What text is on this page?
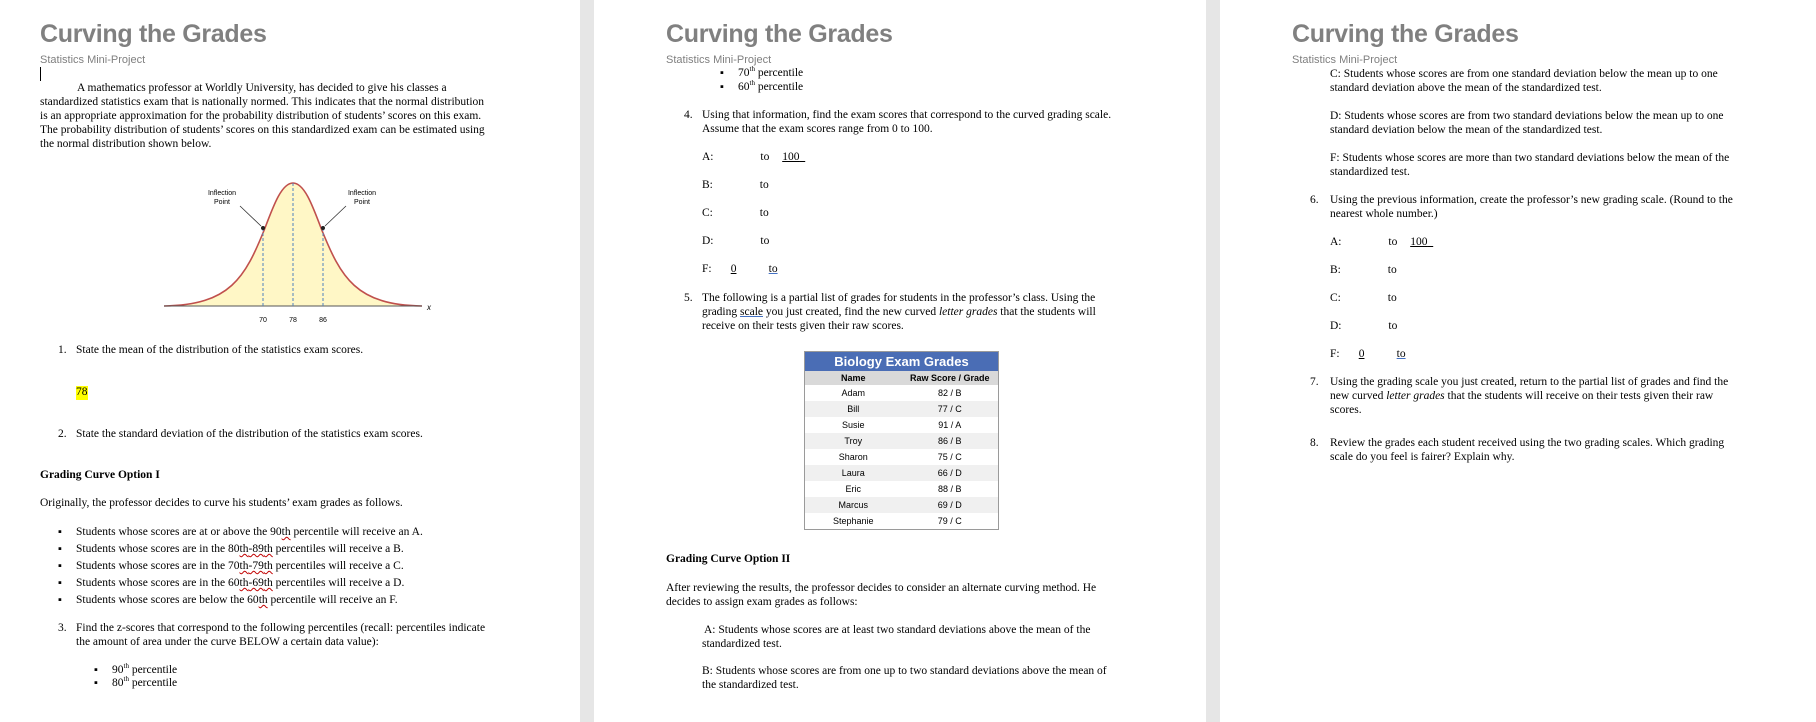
Curving the Grades
Statistics Mini-Project
A mathematics professor at Worldly University, has decided to give his classes a
standardized statistics exam that is nationally normed. This indicates that the normal distribution
is an appropriate approximation for the probability distribution of students’ scores on this exam.
The probability distribution of students’ scores on this standardized exam can be estimated using
the normal distribution shown below.
Inflection
Point
Inflection
Point
70	78	86
x
1. State the mean of the distribution of the statistics exam scores.
78
2. State the standard deviation of the distribution of the statistics exam scores.
Grading Curve Option I
Originally, the professor decides to curve his students’ exam grades as follows.
▪ Students whose scores are at or above the 90th percentile will receive an A.
▪ Students whose scores are in the 80th-89th percentiles will receive a B.
▪ Students whose scores are in the 70th-79th percentiles will receive a C.
▪ Students whose scores are in the 60th-69th percentiles will receive a D.
▪ Students whose scores are below the 60th percentile will receive an F.
3. Find the z-scores that correspond to the following percentiles (recall: percentiles indicate
the amount of area under the curve BELOW a certain data value):
▪ 90th percentile
▪ 80th percentile
Curving the Grades
Statistics Mini-Project
▪ 70th percentile
▪ 60th percentile
4. Using that information, find the exam scores that correspond to the curved grading scale.
Assume that the exam scores range from 0 to 100.
A:	to 100
B:	to
C:	to
D:	to
F: 0	to
5. The following is a partial list of grades for students in the professor’s class. Using the
grading scale you just created, find the new curved letter grades that the students will
receive on their tests given their raw scores.
Biology Exam Grades	
Name	Raw Score / Grade
Adam	82 / B
Bill	77 / C
Susie	91 / A
Troy	86 / B
Sharon	75 / C
Laura	66 / D
Eric	88 / B
Marcus	69 / D
Stephanie	79 / C
Grading Curve Option II
After reviewing the results, the professor decides to consider an alternate curving method. He
decides to assign exam grades as follows:
A: Students whose scores are at least two standard deviations above the mean of the
standardized test.
B: Students whose scores are from one up to two standard deviations above the mean of
the standardized test.
Curving the Grades
Statistics Mini-Project
C: Students whose scores are from one standard deviation below the mean up to one
standard deviation above the mean of the standardized test.
D: Students whose scores are from two standard deviations below the mean up to one
standard deviation below the mean of the standardized test.
F: Students whose scores are more than two standard deviations below the mean of the
standardized test.
6. Using the previous information, create the professor’s new grading scale. (Round to the
nearest whole number.)
A:	to 100
B:	to
C:	to
D:	to
F: 0	to
7. Using the grading scale you just created, return to the partial list of grades and find the
new curved letter grades that the students will receive on their tests given their raw
scores.
8. Review the grades each student received using the two grading scales. Which grading
scale do you feel is fairer? Explain why.
